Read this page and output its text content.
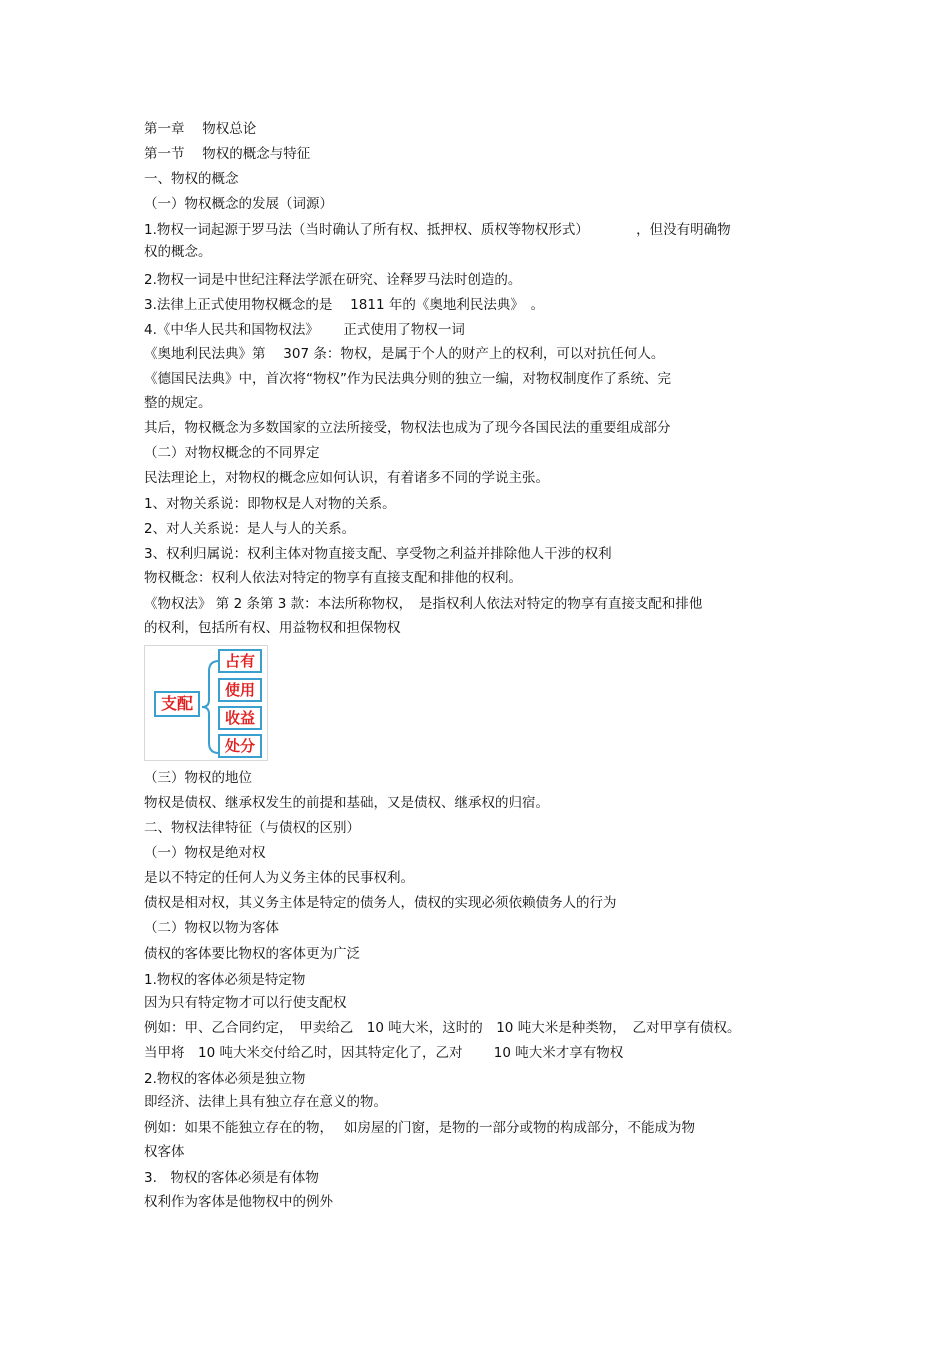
第一章　 物权总论
第一节　 物权的概念与特征
一、物权的概念
（一）物权概念的发展（词源）
1.物权一词起源于罗马法（当时确认了所有权、抵押权、质权等物权形式）　　　　，但没有明确物
权的概念。
2.物权一词是中世纪注释法学派在研究、诠释罗马法时创造的。
3.法律上正式使用物权概念的是　 1811 年的《奥地利民法典》　。
4.《中华人民共和国物权法》　　 正式使用了物权一词
《奥地利民法典》第　 307 条：物权，是属于个人的财产上的权利，可以对抗任何人。
《德国民法典》中，首次将“物权”作为民法典分则的独立一编，对物权制度作了系统、完
整的规定。
其后，物权概念为多数国家的立法所接受，物权法也成为了现今各国民法的重要组成部分
（二）对物权概念的不同界定
民法理论上，对物权的概念应如何认识，有着诸多不同的学说主张。
1、对物关系说：即物权是人对物的关系。
2、对人关系说：是人与人的关系。
3、权利归属说：权利主体对物直接支配、享受物之利益并排除他人干涉的权利
物权概念：权利人依法对特定的物享有直接支配和排他的权利。
《物权法》 第 2 条第 3 款：本法所称物权，　是指权利人依法对特定的物享有直接支配和排他
的权利，包括所有权、用益物权和担保物权
支配
占有
使用
收益
处分
（三）物权的地位
物权是债权、继承权发生的前提和基础，又是债权、继承权的归宿。
二、物权法律特征（与债权的区别）
（一）物权是绝对权
是以不特定的任何人为义务主体的民事权利。
债权是相对权，其义务主体是特定的债务人，债权的实现必须依赖债务人的行为
（二）物权以物为客体
债权的客体要比物权的客体更为广泛
1.物权的客体必须是特定物
因为只有特定物才可以行使支配权
例如：甲、乙合同约定，　甲卖给乙　10 吨大米，这时的　10 吨大米是种类物，　乙对甲享有债权。
当甲将　10 吨大米交付给乙时，因其特定化了，乙对　　 10 吨大米才享有物权
2.物权的客体必须是独立物
即经济、法律上具有独立存在意义的物。
例如：如果不能独立存在的物，　 如房屋的门窗，是物的一部分或物的构成部分，不能成为物
权客体
3.　物权的客体必须是有体物
权利作为客体是他物权中的例外
